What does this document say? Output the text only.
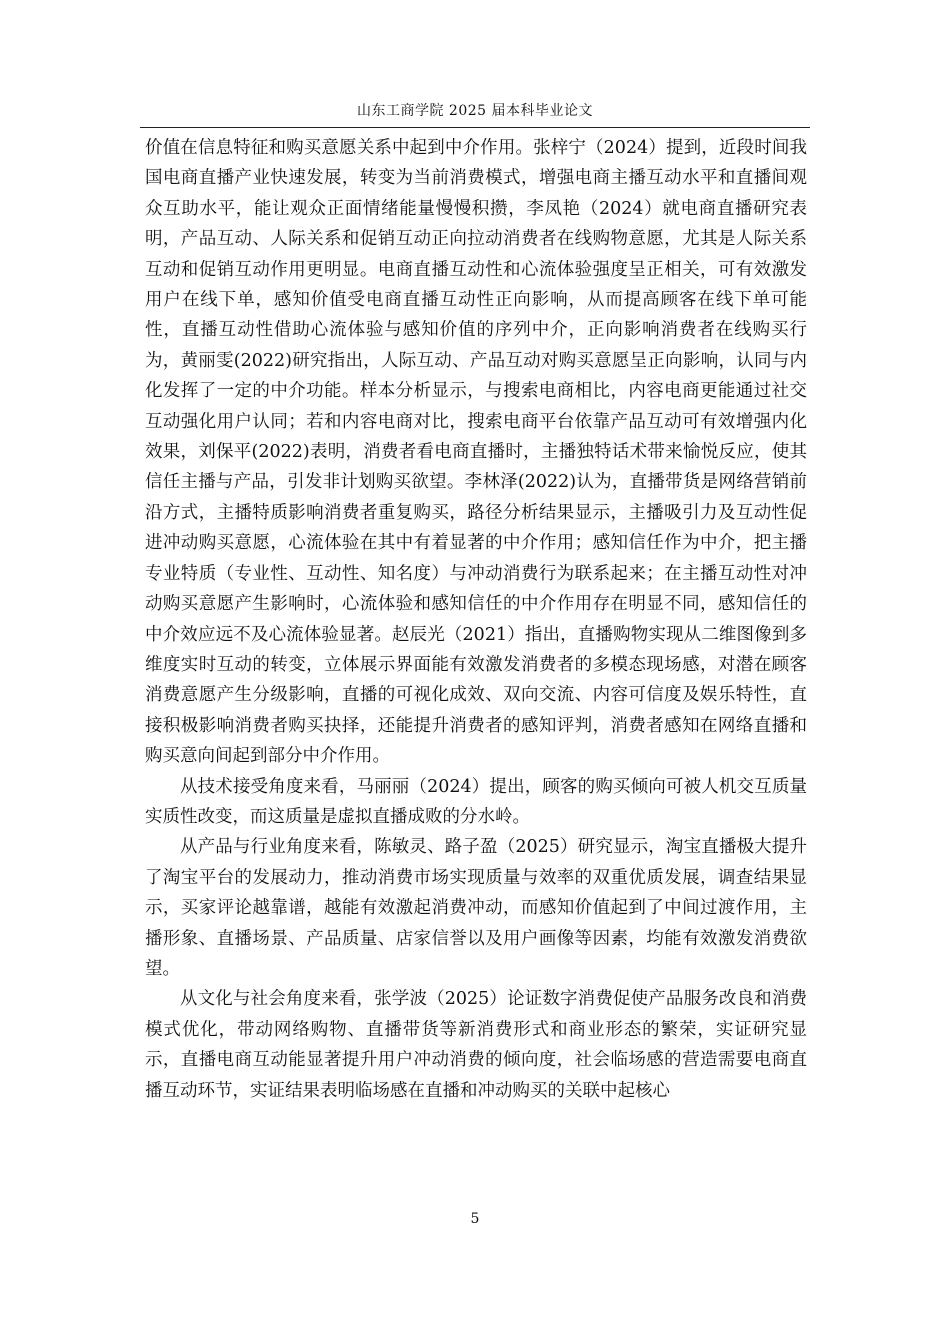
山东工商学院 2025 届本科毕业论文

价值在信息特征和购买意愿关系中起到中介作用。张梓宁（2024）提到，近段时间我国电商直播产业快速发展，转变为当前消费模式，增强电商主播互动水平和直播间观众互助水平，能让观众正面情绪能量慢慢积攒，李凤艳（2024）就电商直播研究表明，产品互动、人际关系和促销互动正向拉动消费者在线购物意愿，尤其是人际关系互动和促销互动作用更明显。电商直播互动性和心流体验强度呈正相关，可有效激发用户在线下单，感知价值受电商直播互动性正向影响，从而提高顾客在线下单可能性，直播互动性借助心流体验与感知价值的序列中介，正向影响消费者在线购买行为，黄丽雯(2022)研究指出，人际互动、产品互动对购买意愿呈正向影响，认同与内化发挥了一定的中介功能。样本分析显示，与搜索电商相比，内容电商更能通过社交互动强化用户认同；若和内容电商对比，搜索电商平台依靠产品互动可有效增强内化效果，刘保平(2022)表明，消费者看电商直播时，主播独特话术带来愉悦反应，使其信任主播与产品，引发非计划购买欲望。李林泽(2022)认为，直播带货是网络营销前沿方式，主播特质影响消费者重复购买，路径分析结果显示，主播吸引力及互动性促进冲动购买意愿，心流体验在其中有着显著的中介作用；感知信任作为中介，把主播专业特质（专业性、互动性、知名度）与冲动消费行为联系起来；在主播互动性对冲动购买意愿产生影响时，心流体验和感知信任的中介作用存在明显不同，感知信任的中介效应远不及心流体验显著。赵辰光（2021）指出，直播购物实现从二维图像到多维度实时互动的转变，立体展示界面能有效激发消费者的多模态现场感，对潜在顾客消费意愿产生分级影响，直播的可视化成效、双向交流、内容可信度及娱乐特性，直接积极影响消费者购买抉择，还能提升消费者的感知评判，消费者感知在网络直播和购买意向间起到部分中介作用。

从技术接受角度来看，马丽丽（2024）提出，顾客的购买倾向可被人机交互质量实质性改变，而这质量是虚拟直播成败的分水岭。

从产品与行业角度来看，陈敏灵、路子盈（2025）研究显示，淘宝直播极大提升了淘宝平台的发展动力，推动消费市场实现质量与效率的双重优质发展，调查结果显示，买家评论越靠谱，越能有效激起消费冲动，而感知价值起到了中间过渡作用，主播形象、直播场景、产品质量、店家信誉以及用户画像等因素，均能有效激发消费欲望。

从文化与社会角度来看，张学波（2025）论证数字消费促使产品服务改良和消费模式优化，带动网络购物、直播带货等新消费形式和商业形态的繁荣，实证研究显示，直播电商互动能显著提升用户冲动消费的倾向度，社会临场感的营造需要电商直播互动环节，实证结果表明临场感在直播和冲动购买的关联中起核心

5
